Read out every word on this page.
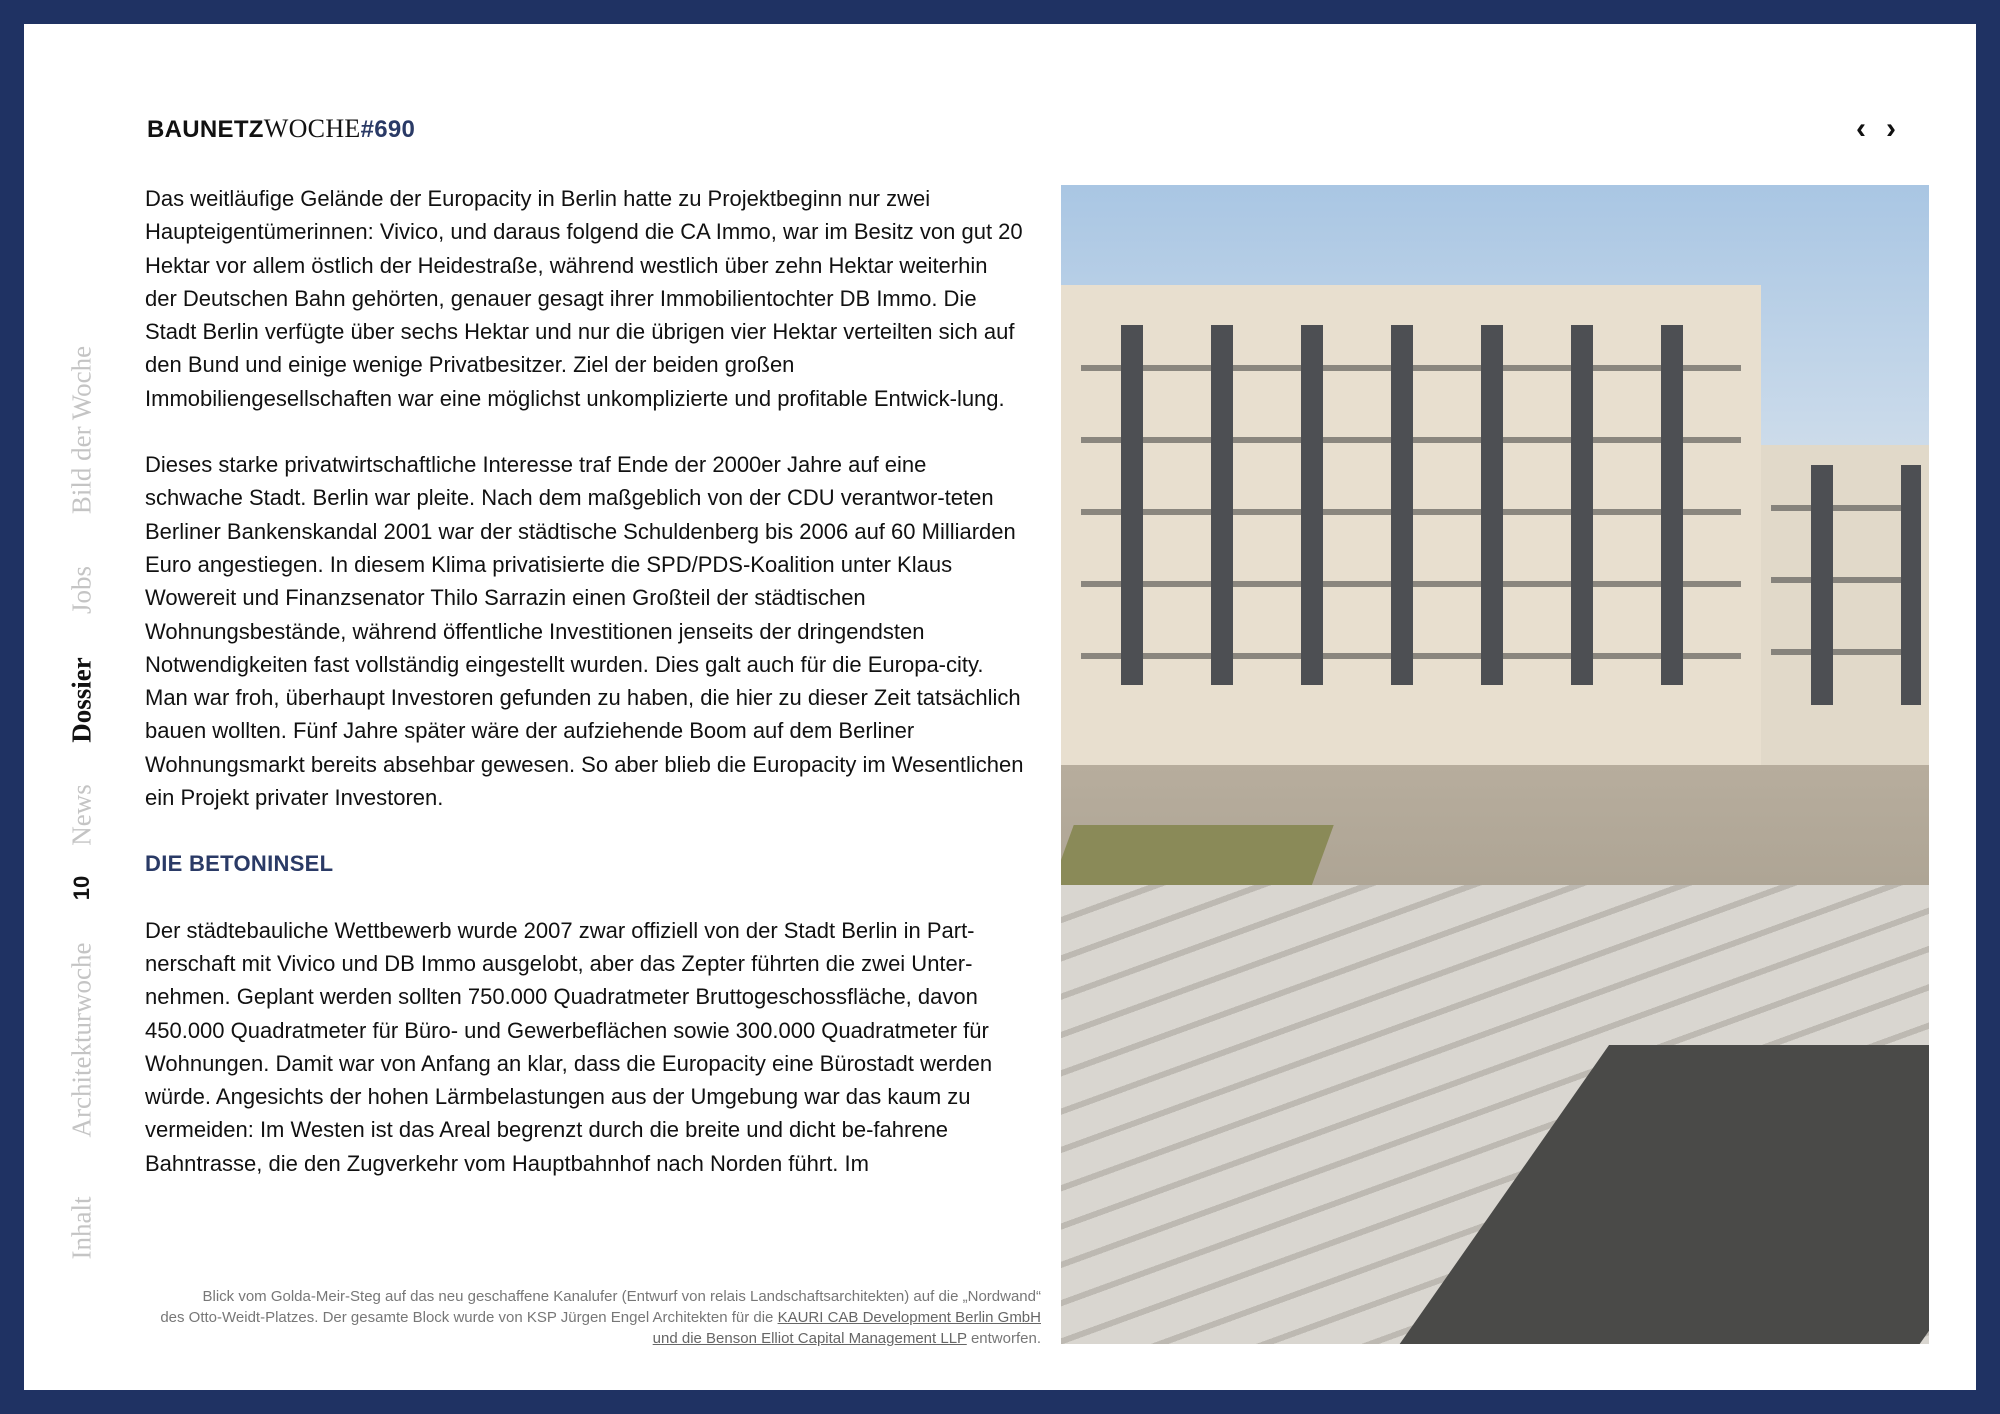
BAUNETZWOCHE#690	‹ ›
Bild der Woche
Jobs
Dossier
News
10
Architekturwoche
Inhalt

Das weitläufige Gelände der Europacity in Berlin hatte zu Projektbeginn nur zwei Haupteigentümerinnen: Vivico, und daraus folgend die CA Immo, war im Besitz von gut 20 Hektar vor allem östlich der Heidestraße, während westlich über zehn Hektar weiterhin der Deutschen Bahn gehörten, genauer gesagt ihrer Immobilientochter DB Immo. Die Stadt Berlin verfügte über sechs Hektar und nur die übrigen vier Hektar verteilten sich auf den Bund und einige wenige Privatbesitzer. Ziel der beiden großen Immobiliengesellschaften war eine möglichst unkomplizierte und profitable Entwick-lung.

Dieses starke privatwirtschaftliche Interesse traf Ende der 2000er Jahre auf eine schwache Stadt. Berlin war pleite. Nach dem maßgeblich von der CDU verantwor-teten Berliner Bankenskandal 2001 war der städtische Schuldenberg bis 2006 auf 60 Milliarden Euro angestiegen. In diesem Klima privatisierte die SPD/PDS-Koalition unter Klaus Wowereit und Finanzsenator Thilo Sarrazin einen Großteil der städtischen Wohnungsbestände, während öffentliche Investitionen jenseits der dringendsten Notwendigkeiten fast vollständig eingestellt wurden. Dies galt auch für die Europa-city. Man war froh, überhaupt Investoren gefunden zu haben, die hier zu dieser Zeit tatsächlich bauen wollten. Fünf Jahre später wäre der aufziehende Boom auf dem Berliner Wohnungsmarkt bereits absehbar gewesen. So aber blieb die Europacity im Wesentlichen ein Projekt privater Investoren.

DIE BETONINSEL

Der städtebauliche Wettbewerb wurde 2007 zwar offiziell von der Stadt Berlin in Part-nerschaft mit Vivico und DB Immo ausgelobt, aber das Zepter führten die zwei Unter-nehmen. Geplant werden sollten 750.000 Quadratmeter Bruttogeschossfläche, davon 450.000 Quadratmeter für Büro- und Gewerbeflächen sowie 300.000 Quadratmeter für Wohnungen. Damit war von Anfang an klar, dass die Europacity eine Bürostadt werden würde. Angesichts der hohen Lärmbelastungen aus der Umgebung war das kaum zu vermeiden: Im Westen ist das Areal begrenzt durch die breite und dicht be-fahrene Bahntrasse, die den Zugverkehr vom Hauptbahnhof nach Norden führt. Im

Blick vom Golda-Meir-Steg auf das neu geschaffene Kanalufer (Entwurf von relais Landschaftsarchitekten) auf die „Nordwand“
des Otto-Weidt-Platzes. Der gesamte Block wurde von KSP Jürgen Engel Architekten für die KAURI CAB Development Berlin GmbH und die Benson Elliot Capital Management LLP entworfen.
